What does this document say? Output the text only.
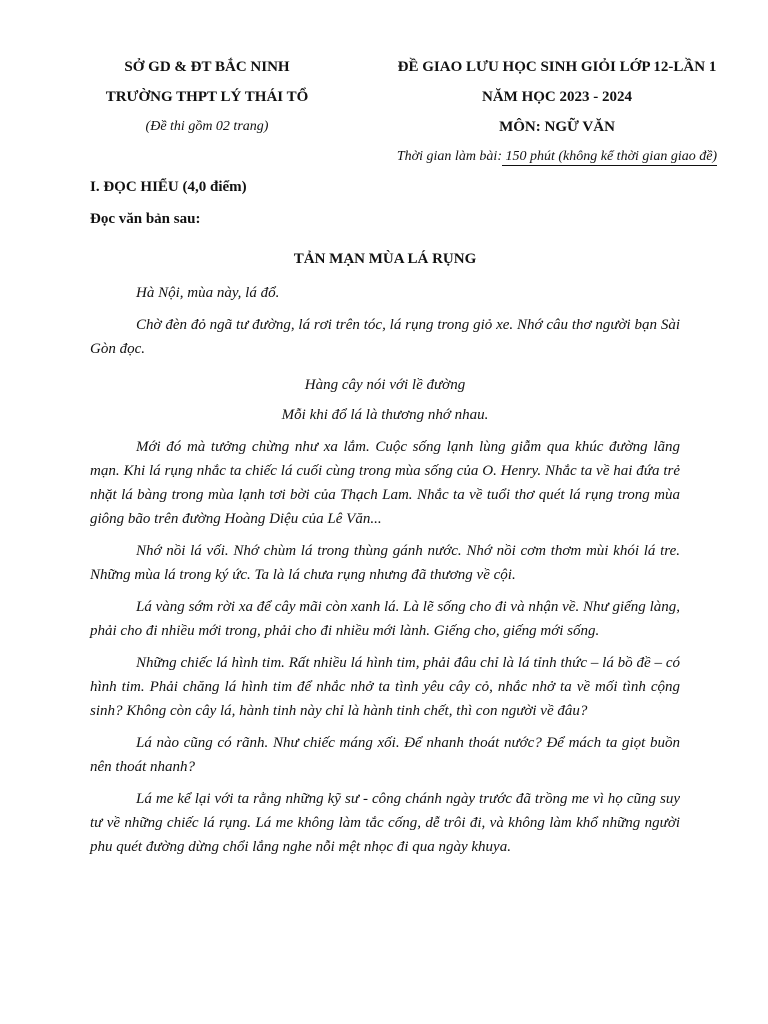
SỞ GD & ĐT BẮC NINH
TRƯỜNG THPT LÝ THÁI TỔ
(Đề thi gồm 02 trang)
ĐỀ GIAO LƯU HỌC SINH GIỎI LỚP 12-LẦN 1
NĂM HỌC 2023 - 2024
MÔN: NGỮ VĂN
Thời gian làm bài: 150 phút (không kể thời gian giao đề)
I. ĐỌC HIỂU (4,0 điểm)
Đọc văn bản sau:
TẢN MẠN MÙA LÁ RỤNG

Hà Nội, mùa này, lá đổ.

Chờ đèn đỏ ngã tư đường, lá rơi trên tóc, lá rụng trong giỏ xe. Nhớ câu thơ người bạn Sài Gòn đọc.

Hàng cây nói với lề đường

Mỗi khi đổ lá là thương nhớ nhau.

Mới đó mà tưởng chừng như xa lắm. Cuộc sống lạnh lùng giẫm qua khúc đường lãng mạn. Khi lá rụng nhắc ta chiếc lá cuối cùng trong mùa sống của O. Henry. Nhắc ta về hai đứa trẻ nhặt lá bàng trong mùa lạnh tơi bời của Thạch Lam. Nhắc ta về tuổi thơ quét lá rụng trong mùa giông bão trên đường Hoàng Diệu của Lê Văn...

Nhớ nồi lá vối. Nhớ chùm lá trong thùng gánh nước. Nhớ nồi cơm thơm mùi khói lá tre. Những mùa lá trong ký ức. Ta là lá chưa rụng nhưng đã thương về cội.

Lá vàng sớm rời xa để cây mãi còn xanh lá. Là lẽ sống cho đi và nhận về. Như giếng làng, phải cho đi nhiều mới trong, phải cho đi nhiều mới lành. Giếng cho, giếng mới sống.

Những chiếc lá hình tim. Rất nhiều lá hình tim, phải đâu chỉ là lá tỉnh thức – lá bồ đề – có hình tim. Phải chăng lá hình tim để nhắc nhở ta tình yêu cây cỏ, nhắc nhở ta về mối tình cộng sinh? Không còn cây lá, hành tinh này chỉ là hành tinh chết, thì con người về đâu?

Lá nào cũng có rãnh. Như chiếc máng xối. Để nhanh thoát nước? Để mách ta giọt buồn nên thoát nhanh?

Lá me kể lại với ta rằng những kỹ sư - công chánh ngày trước đã trồng me vì họ cũng suy tư về những chiếc lá rụng. Lá me không làm tắc cống, dễ trôi đi, và không làm khổ những người phu quét đường dừng chổi lắng nghe nỗi mệt nhọc đi qua ngày khuya.
